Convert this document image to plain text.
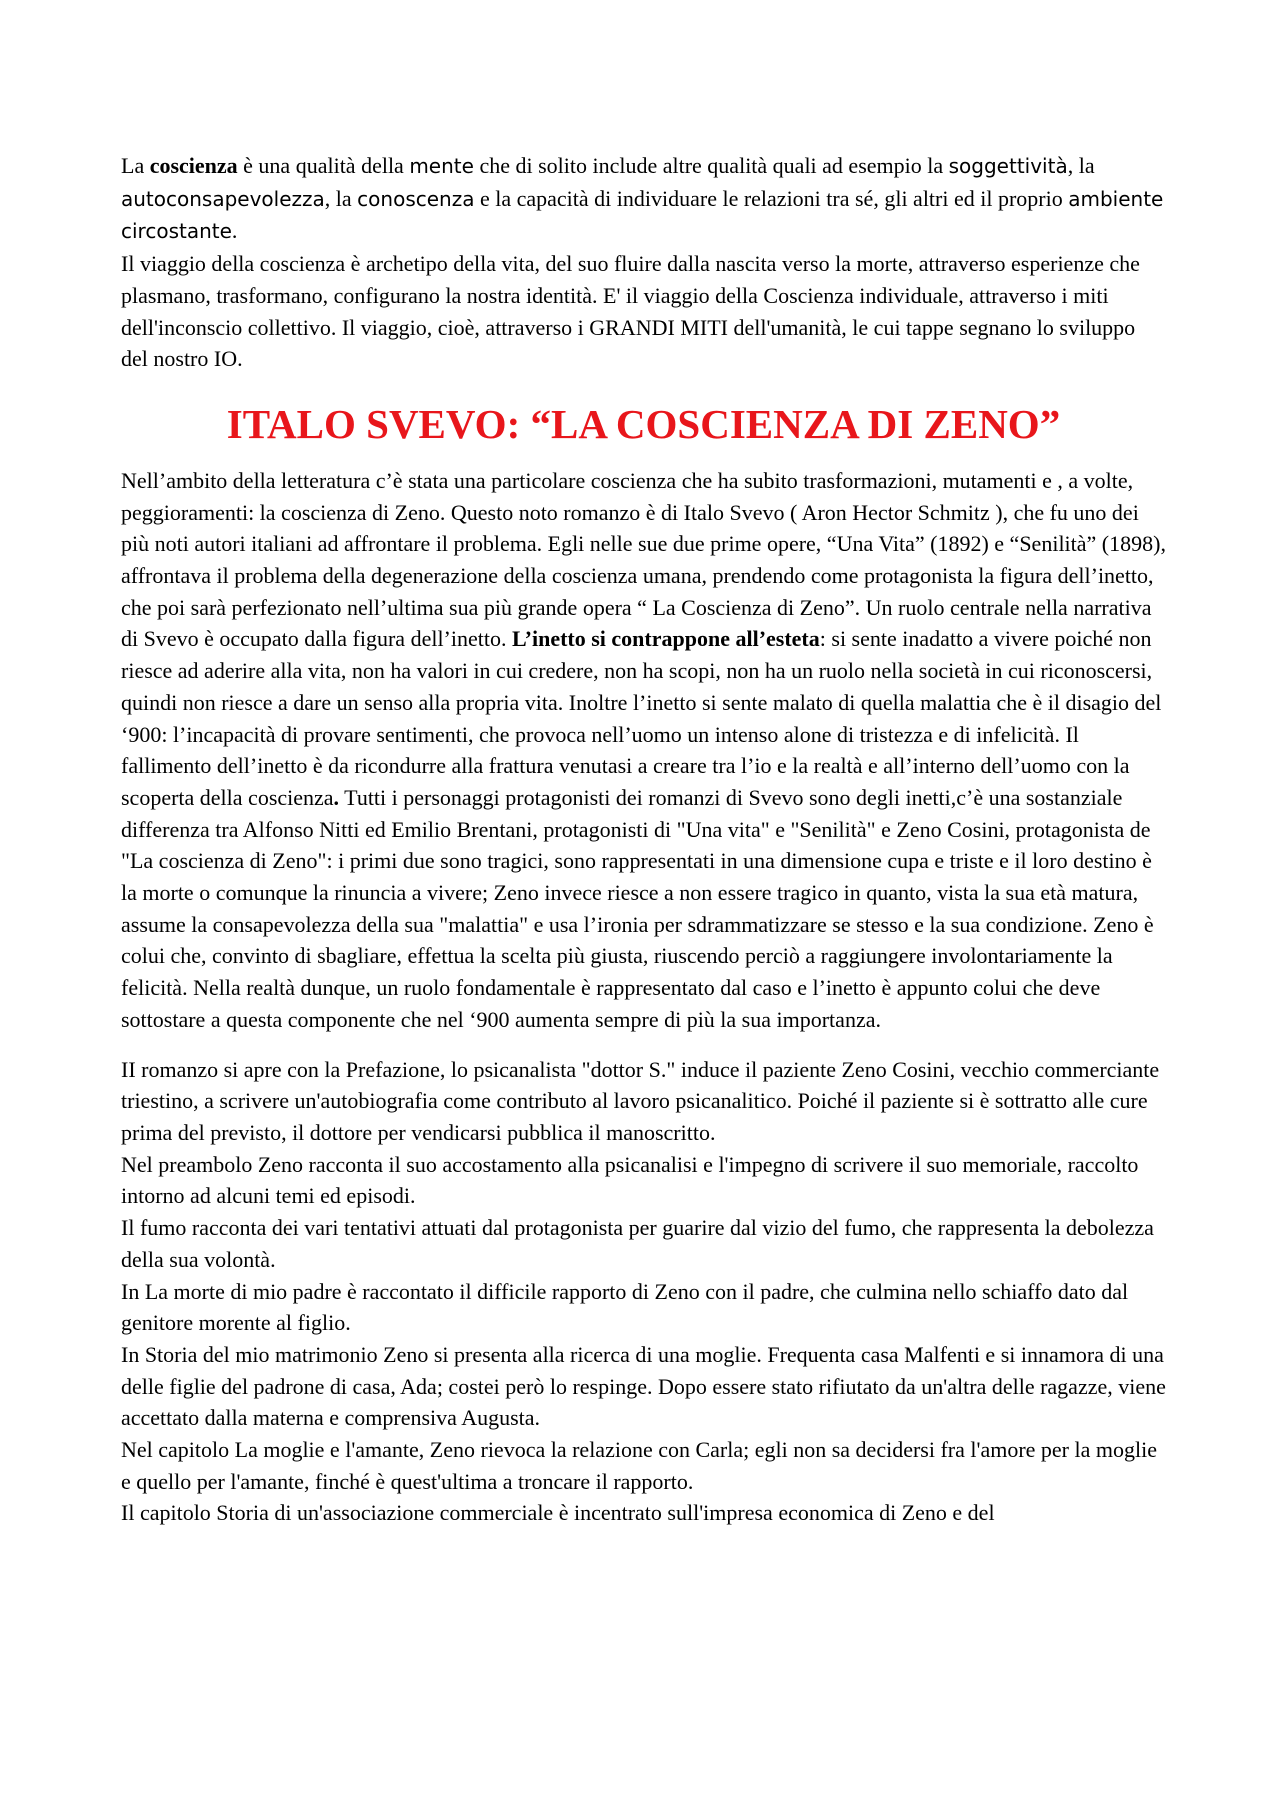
La coscienza è una qualità della mente che di solito include altre qualità quali ad esempio la soggettività, la autoconsapevolezza, la conoscenza e la capacità di individuare le relazioni tra sé, gli altri ed il proprio ambiente circostante.

Il viaggio della coscienza è archetipo della vita, del suo fluire dalla nascita verso la morte, attraverso esperienze che plasmano, trasformano, configurano la nostra identità. E' il viaggio della Coscienza individuale, attraverso i miti dell'inconscio collettivo. Il viaggio, cioè, attraverso i GRANDI MITI dell'umanità, le cui tappe segnano lo sviluppo del nostro IO.

ITALO SVEVO: “LA COSCIENZA DI ZENO”

Nell’ambito della letteratura c’è stata una particolare coscienza che ha subito trasformazioni, mutamenti e , a volte, peggioramenti: la coscienza di Zeno. Questo noto romanzo è di Italo Svevo ( Aron Hector Schmitz ), che fu uno dei più noti autori italiani ad affrontare il problema. Egli nelle sue due prime opere, “Una Vita” (1892) e “Senilità” (1898), affrontava il problema della degenerazione della coscienza umana, prendendo come protagonista la figura dell’inetto, che poi sarà perfezionato nell’ultima sua più grande opera “ La Coscienza di Zeno”. Un ruolo centrale nella narrativa di Svevo è occupato dalla figura dell’inetto. L’inetto si contrappone all’esteta: si sente inadatto a vivere poiché non riesce ad aderire alla vita, non ha valori in cui credere, non ha scopi, non ha un ruolo nella società in cui riconoscersi, quindi non riesce a dare un senso alla propria vita. Inoltre l’inetto si sente malato di quella malattia che è il disagio del ‘900: l’incapacità di provare sentimenti, che provoca nell’uomo un intenso alone di tristezza e di infelicità. Il fallimento dell’inetto è da ricondurre alla frattura venutasi a creare tra l’io e la realtà e all’interno dell’uomo con la scoperta della coscienza. Tutti i personaggi protagonisti dei romanzi di Svevo sono degli inetti,c’è una sostanziale differenza tra Alfonso Nitti ed Emilio Brentani, protagonisti di "Una vita" e "Senilità" e Zeno Cosini, protagonista de "La coscienza di Zeno": i primi due sono tragici, sono rappresentati in una dimensione cupa e triste e il loro destino è la morte o comunque la rinuncia a vivere; Zeno invece riesce a non essere tragico in quanto, vista la sua età matura, assume la consapevolezza della sua "malattia" e usa l’ironia per sdrammatizzare se stesso e la sua condizione. Zeno è colui che, convinto di sbagliare, effettua la scelta più giusta, riuscendo perciò a raggiungere involontariamente la felicità. Nella realtà dunque, un ruolo fondamentale è rappresentato dal caso e l’inetto è appunto colui che deve sottostare a questa componente che nel ‘900 aumenta sempre di più la sua importanza.

II romanzo si apre con la Prefazione, lo psicanalista "dottor S." induce il paziente Zeno Cosini, vecchio commerciante triestino, a scrivere un'autobiografia come contributo al lavoro psicanalitico. Poiché il paziente si è sottratto alle cure prima del previsto, il dottore per vendicarsi pubblica il manoscritto.

Nel preambolo Zeno racconta il suo accostamento alla psicanalisi e l'impegno di scrivere il suo memoriale, raccolto intorno ad alcuni temi ed episodi.

Il fumo racconta dei vari tentativi attuati dal protagonista per guarire dal vizio del fumo, che rappresenta la debolezza della sua volontà.

In La morte di mio padre è raccontato il difficile rapporto di Zeno con il padre, che culmina nello schiaffo dato dal genitore morente al figlio.

In Storia del mio matrimonio Zeno si presenta alla ricerca di una moglie. Frequenta casa Malfenti e si innamora di una delle figlie del padrone di casa, Ada; costei però lo respinge. Dopo essere stato rifiutato da un'altra delle ragazze, viene accettato dalla materna e comprensiva Augusta.

Nel capitolo La moglie e l'amante, Zeno rievoca la relazione con Carla; egli non sa decidersi fra l'amore per la moglie e quello per l'amante, finché è quest'ultima a troncare il rapporto.

Il capitolo Storia di un'associazione commerciale è incentrato sull'impresa economica di Zeno e del
